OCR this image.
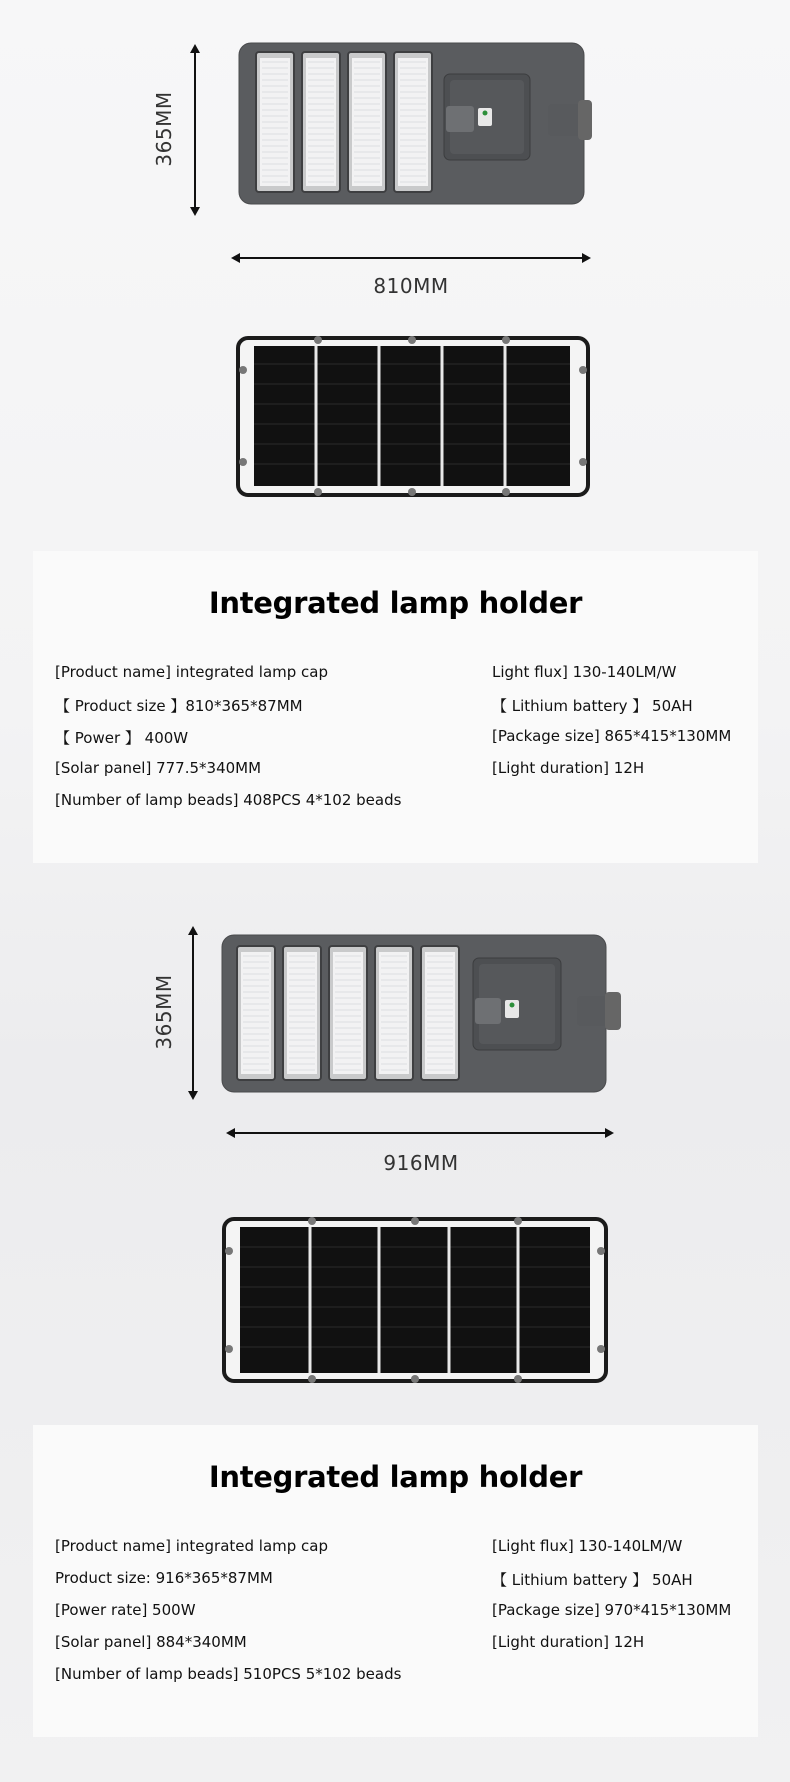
365MM
810MM
Integrated lamp holder
[Product name] integrated lamp cap
【 Product size 】810*365*87MM
【 Power 】 400W
[Solar panel] 777.5*340MM
[Number of lamp beads] 408PCS 4*102 beads
Light flux] 130-140LM/W
【 Lithium battery 】 50AH
[Package size] 865*415*130MM
[Light duration] 12H
365MM
916MM
Integrated lamp holder
[Product name] integrated lamp cap
Product size: 916*365*87MM
[Power rate] 500W
[Solar panel] 884*340MM
[Number of lamp beads] 510PCS 5*102 beads
[Light flux] 130-140LM/W
【 Lithium battery 】 50AH
[Package size] 970*415*130MM
[Light duration] 12H
